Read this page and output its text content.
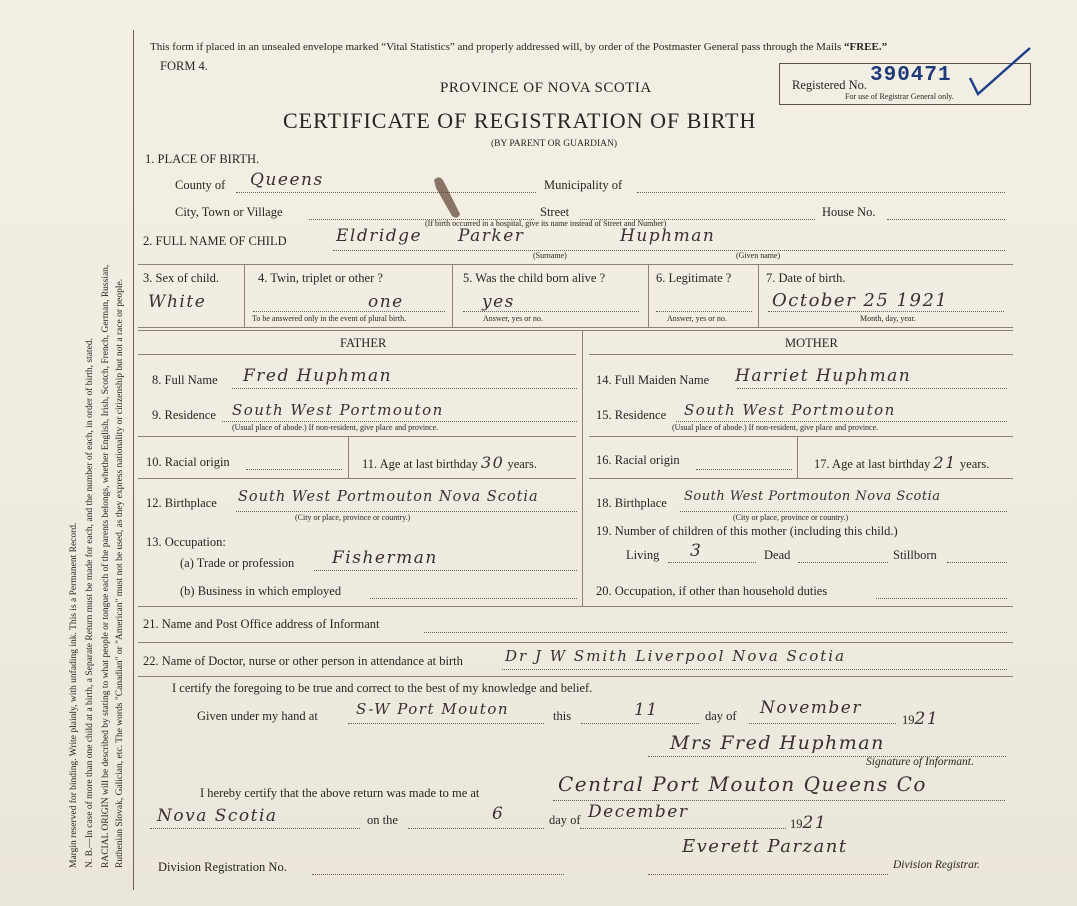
Margin reserved for binding. Write plainly, with unfading ink. This is a Permanent Record. N. B.—In case of more than one child at a birth, a Separate Return must be made for each, and the number of each, in order of birth, stated. RACIAL ORIGIN will be described by stating to what people or tongue each of the parents belongs, whether English, Irish, Scotch, French, German, Russian, Ruthenian Slovak, Galician, etc. The words "Canadian" or "American" must not be used, as they express nationality or citizenship but not a race or people.
This form if placed in an unsealed envelope marked “Vital Statistics” and properly addressed will, by order of the Postmaster General pass through the Mails “FREE.”
FORM 4.
PROVINCE OF NOVA SCOTIA
CERTIFICATE OF REGISTRATION OF BIRTH
(BY PARENT OR GUARDIAN)
Registered No. 390471
For use of Registrar General only.
1. PLACE OF BIRTH.
County of Queens	Municipality of
City, Town or Village	Street	House No.
(If birth occurred in a hospital, give its name instead of Street and Number)
2. FULL NAME OF CHILD	Eldridge Parker	Huphman
(Surname)	(Given name)
3. Sex of child.
White
4. Twin, triplet or other ?
one
To be answered only in the event of plural birth.
5. Was the child born alive ?
yes
Answer, yes or no.
6. Legitimate ?
Answer, yes or no.
7. Date of birth.
October 25 1921
Month, day, year.
FATHER	MOTHER
8. Full Name Fred Huphman
9. Residence South West Portmouton
(Usual place of abode.) If non-resident, give place and province.
10. Racial origin	11. Age at last birthday 30 years.
12. Birthplace South West Portmouton Nova Scotia
(City or place, province or country.)
13. Occupation:
(a) Trade or profession Fisherman
(b) Business in which employed
14. Full Maiden Name Harriet Huphman
15. Residence South West Portmouton
(Usual place of abode.) If non-resident, give place and province.
16. Racial origin	17. Age at last birthday 21 years.
18. Birthplace South West Portmouton Nova Scotia
(City or place, province or country.)
19. Number of children of this mother (including this child.)
Living 3	Dead	Stillborn
20. Occupation, if other than household duties
21. Name and Post Office address of Informant
22. Name of Doctor, nurse or other person in attendance at birth	Dr J W Smith Liverpool Nova Scotia
I certify the foregoing to be true and correct to the best of my knowledge and belief.
Given under my hand at	S-W Port Mouton	this	11	day of November
1921
Mrs Fred Huphman
Signature of Informant.
I hereby certify that the above return was made to me at	Central Port Mouton Queens Co
Nova Scotia	on the	6	day of December
1921
Everett Parzant
Division Registration No.	Division Registrar.
